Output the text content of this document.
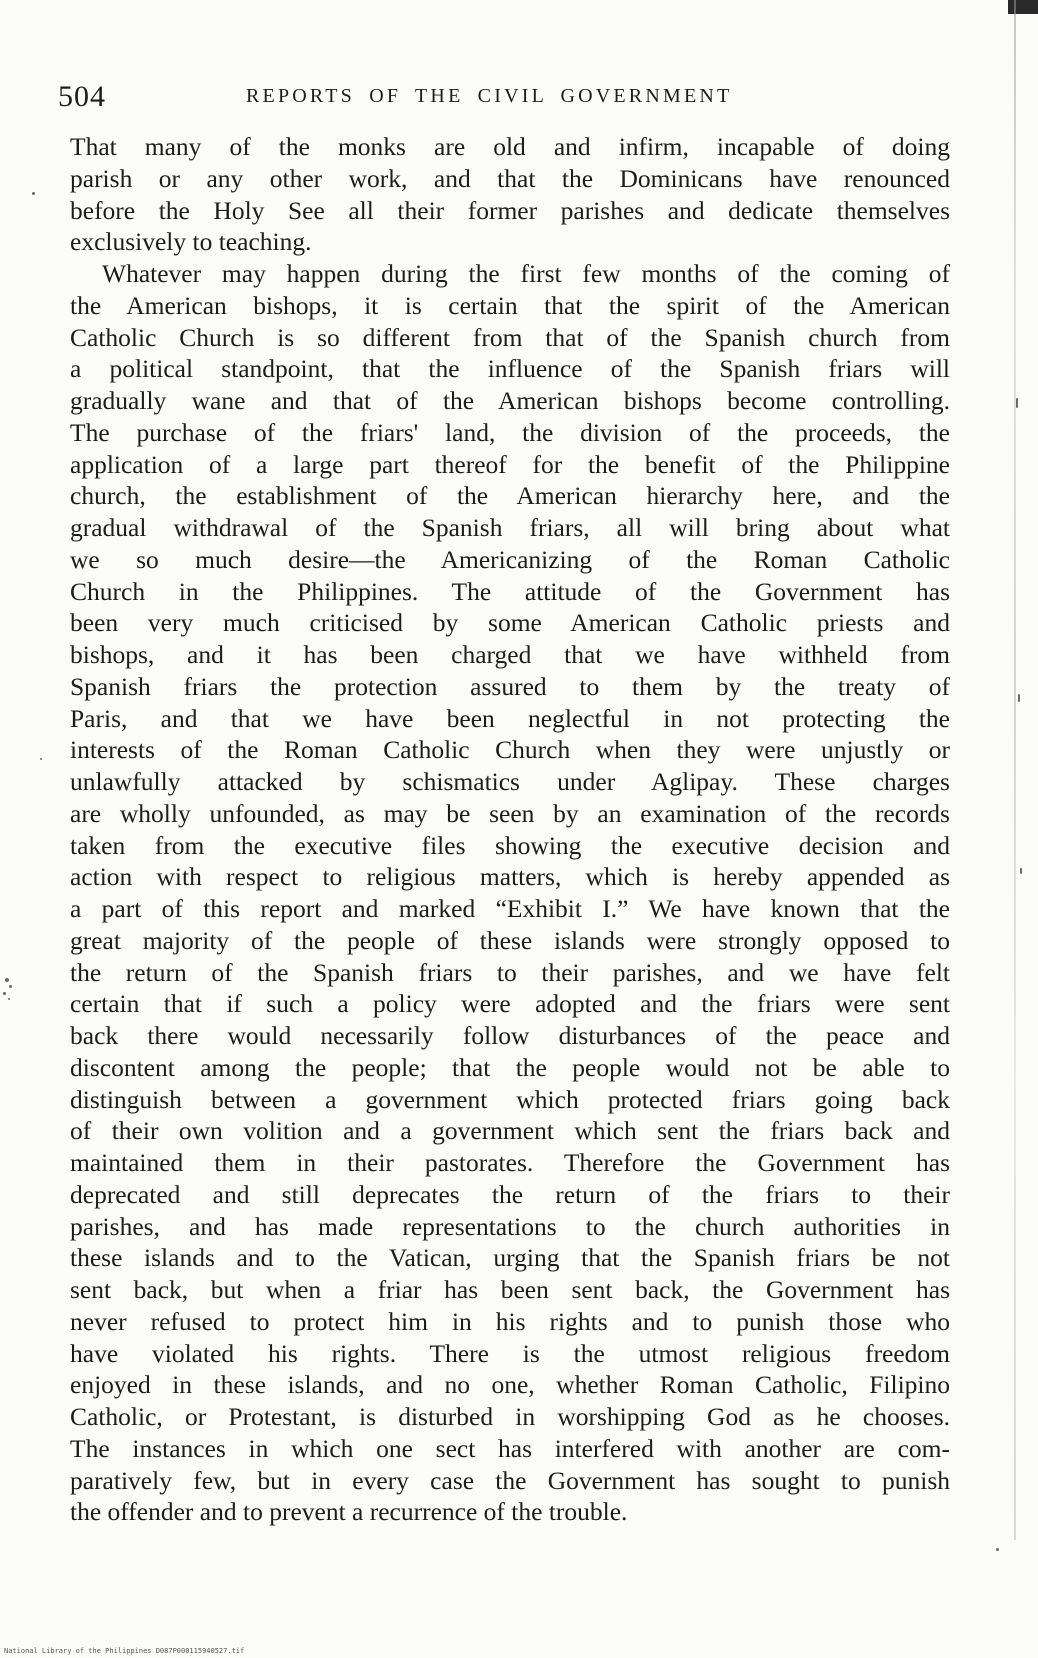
504	REPORTS OF THE CIVIL GOVERNMENT
That many of the monks are old and infirm, incapable of doing
parish or any other work, and that the Dominicans have renounced
before the Holy See all their former parishes and dedicate themselves
exclusively to teaching.
Whatever may happen during the first few months of the coming of
the American bishops, it is certain that the spirit of the American
Catholic Church is so different from that of the Spanish church from
a political standpoint, that the influence of the Spanish friars will
gradually wane and that of the American bishops become controlling.
The purchase of the friars' land, the division of the proceeds, the
application of a large part thereof for the benefit of the Philippine
church, the establishment of the American hierarchy here, and the
gradual withdrawal of the Spanish friars, all will bring about what
we so much desire—the Americanizing of the Roman Catholic
Church in the Philippines. The attitude of the Government has
been very much criticised by some American Catholic priests and
bishops, and it has been charged that we have withheld from
Spanish friars the protection assured to them by the treaty of
Paris, and that we have been neglectful in not protecting the
interests of the Roman Catholic Church when they were unjustly or
unlawfully attacked by schismatics under Aglipay. These charges
are wholly unfounded, as may be seen by an examination of the records
taken from the executive files showing the executive decision and
action with respect to religious matters, which is hereby appended as
a part of this report and marked “Exhibit I.” We have known that the
great majority of the people of these islands were strongly opposed to
the return of the Spanish friars to their parishes, and we have felt
certain that if such a policy were adopted and the friars were sent
back there would necessarily follow disturbances of the peace and
discontent among the people; that the people would not be able to
distinguish between a government which protected friars going back
of their own volition and a government which sent the friars back and
maintained them in their pastorates. Therefore the Government has
deprecated and still deprecates the return of the friars to their
parishes, and has made representations to the church authorities in
these islands and to the Vatican, urging that the Spanish friars be not
sent back, but when a friar has been sent back, the Government has
never refused to protect him in his rights and to punish those who
have violated his rights. There is the utmost religious freedom
enjoyed in these islands, and no one, whether Roman Catholic, Filipino
Catholic, or Protestant, is disturbed in worshipping God as he chooses.
The instances in which one sect has interfered with another are com-
paratively few, but in every case the Government has sought to punish
the offender and to prevent a recurrence of the trouble.
National Library of the Philippines D087P000115940527.tif
